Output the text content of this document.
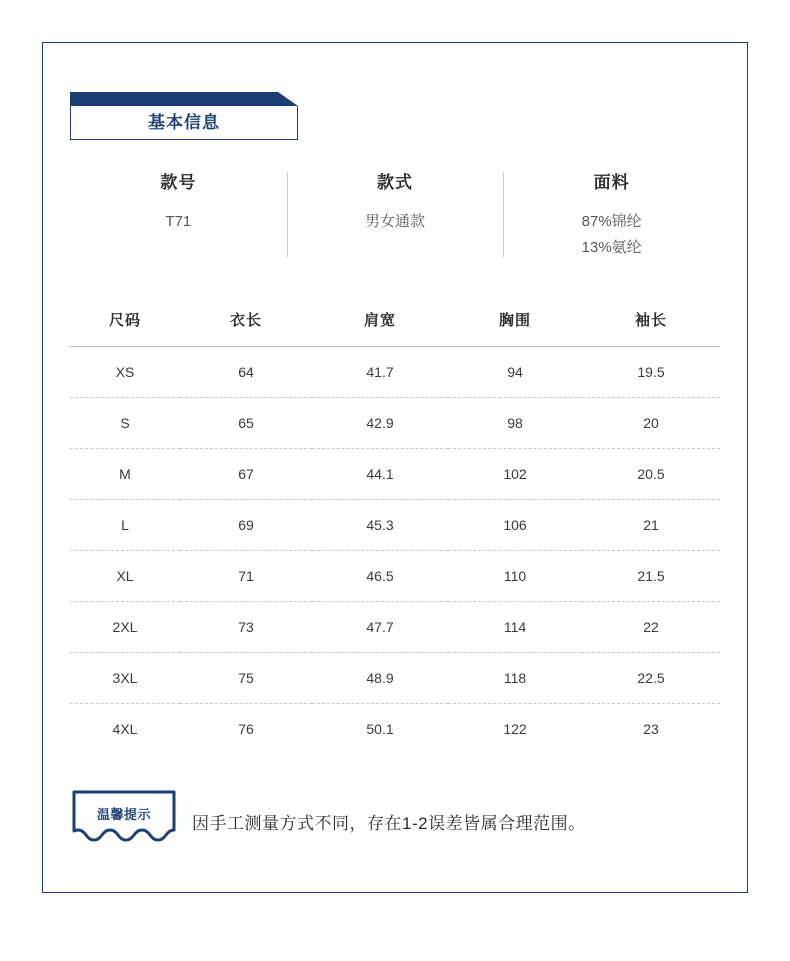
基本信息
款号
T71
款式
男女通款
面料
87%锦纶
13%氨纶
尺码	衣长	肩宽	胸围	袖长
XS	64	41.7	94	19.5
S	65	42.9	98	20
M	67	44.1	102	20.5
L	69	45.3	106	21
XL	71	46.5	110	21.5
2XL	73	47.7	114	22
3XL	75	48.9	118	22.5
4XL	76	50.1	122	23
温馨提示	因手工测量方式不同，存在1-2误差皆属合理范围。
